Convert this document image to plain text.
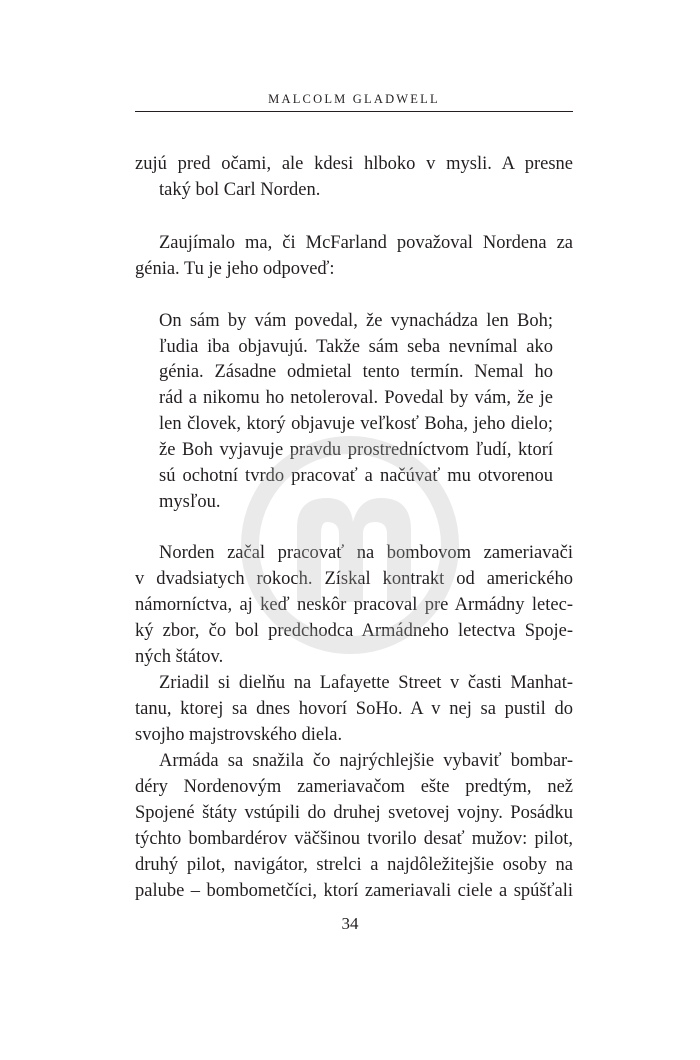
MALCOLM GLADWELL
zujú pred očami, ale kdesi hlboko v mysli. A presne
taký bol Carl Norden.
Zaujímalo ma, či McFarland považoval Nordena za
génia. Tu je jeho odpoveď:
On sám by vám povedal, že vynachádza len Boh;
ľudia iba objavujú. Takže sám seba nevnímal ako
génia. Zásadne odmietal tento termín. Nemal ho
rád a nikomu ho netoleroval. Povedal by vám, že je
len človek, ktorý objavuje veľkosť Boha, jeho dielo;
že Boh vyjavuje pravdu prostredníctvom ľudí, ktorí
sú ochotní tvrdo pracovať a načúvať mu otvorenou
mysľou.
Norden začal pracovať na bombovom zameriavači
v dvadsiatych rokoch. Získal kontrakt od amerického
námorníctva, aj keď neskôr pracoval pre Armádny letec-
ký zbor, čo bol predchodca Armádneho letectva Spoje-
ných štátov.
Zriadil si dielňu na Lafayette Street v časti Manhat-
tanu, ktorej sa dnes hovorí SoHo. A v nej sa pustil do
svojho majstrovského diela.
Armáda sa snažila čo najrýchlejšie vybaviť bombar-
déry Nordenovým zameriavačom ešte predtým, než
Spojené štáty vstúpili do druhej svetovej vojny. Posádku
týchto bombardérov väčšinou tvorilo desať mužov: pilot,
druhý pilot, navigátor, strelci a najdôležitejšie osoby na
palube – bombometčíci, ktorí zameriavali ciele a spúšťali
34
